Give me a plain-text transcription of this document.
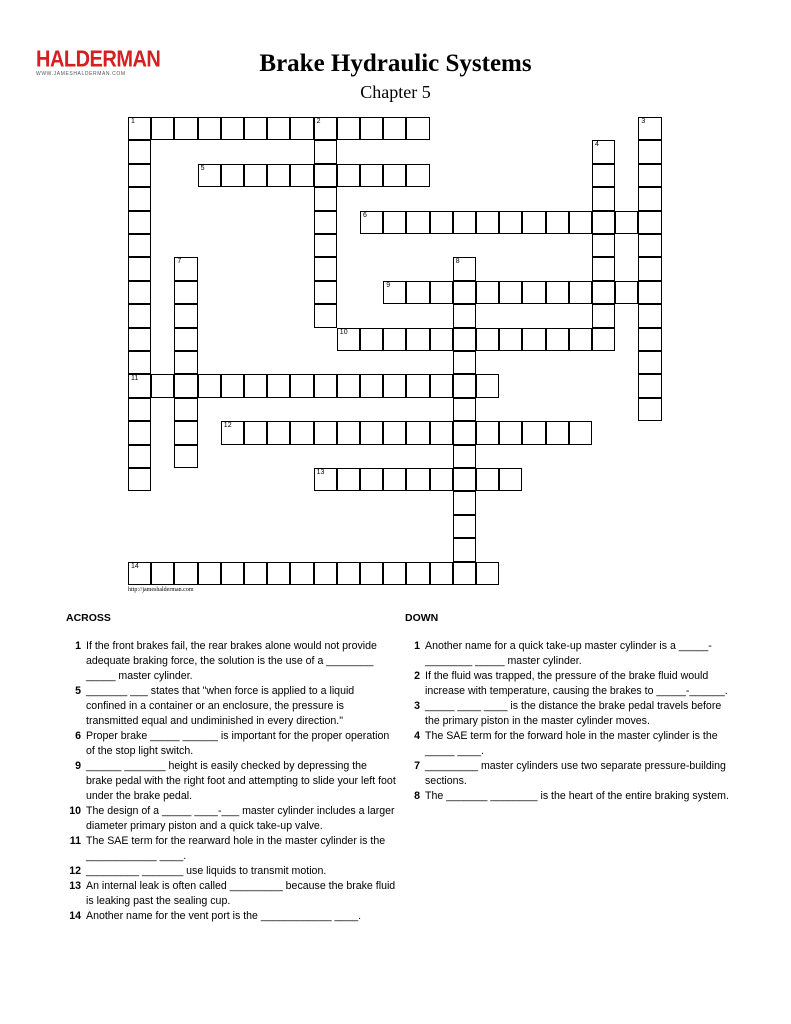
HALDERMAN
WWW.JAMESHALDERMAN.COM	Brake Hydraulic Systems
Chapter 5
1	2
11
3
4
5
6
7	8
9
10
12
13
14
http://jameshalderman.com
ACROSS
1 If the front brakes fail, the rear brakes alone would not provide adequate braking force, the solution is the use of a ________ _____ master cylinder.
5 _______ ___ states that "when force is applied to a liquid confined in a container or an enclosure, the pressure is transmitted equal and undiminished in every direction."
6 Proper brake _____ ______ is important for the proper operation of the stop light switch.
9 ______ _______ height is easily checked by depressing the brake pedal with the right foot and attempting to slide your left foot under the brake pedal.
10 The design of a _____ ____-___ master cylinder includes a larger diameter primary piston and a quick take-up valve.
11 The SAE term for the rearward hole in the master cylinder is the ____________ ____.
12 _________ _______ use liquids to transmit motion.
13 An internal leak is often called _________ because the brake fluid is leaking past the sealing cup.
14 Another name for the vent port is the ____________ ____.
DOWN
1 Another name for a quick take-up master cylinder is a _____-________ _____ master cylinder.
2 If the fluid was trapped, the pressure of the brake fluid would increase with temperature, causing the brakes to _____-______.
3 _____ ____ ____ is the distance the brake pedal travels before the primary piston in the master cylinder moves.
4 The SAE term for the forward hole in the master cylinder is the _____ ____.
7 _________ master cylinders use two separate pressure-building sections.
8 The _______ ________ is the heart of the entire braking system.
